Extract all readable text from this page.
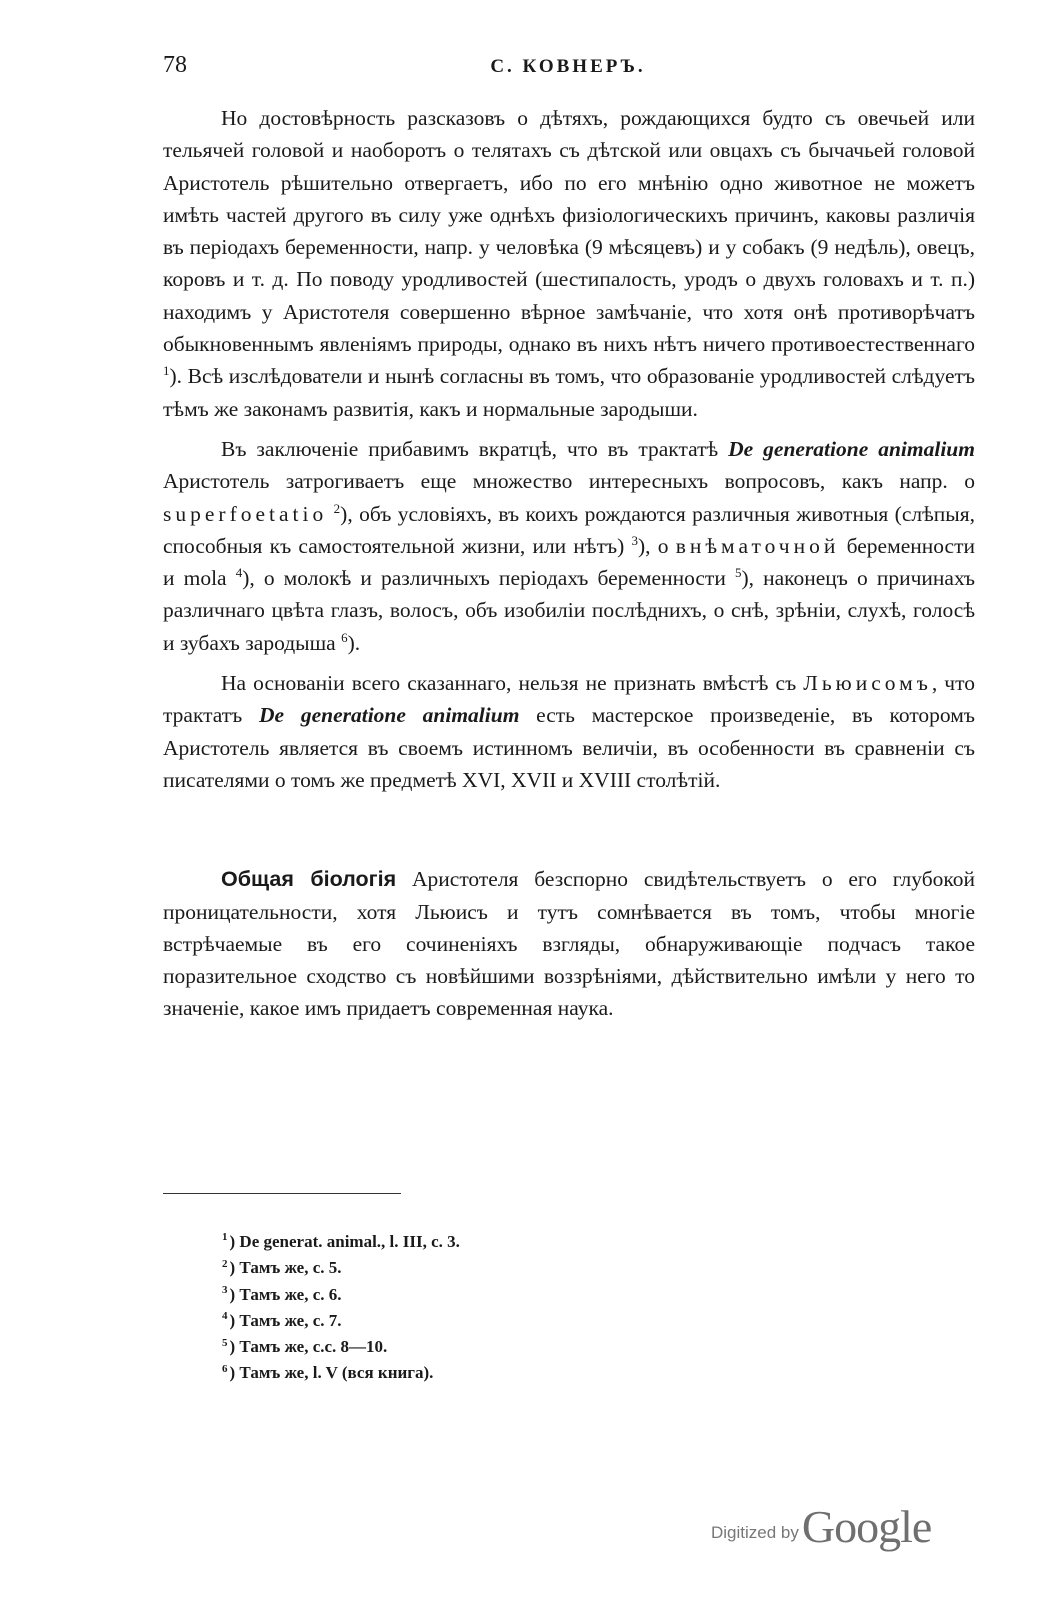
78	С. КОВНЕРЪ.

Но достовѣрность разсказовъ о дѣтяхъ, рождающихся будто съ овечьей или тельячей головой и наоборотъ о телятахъ съ дѣтской или овцахъ съ бычачьей головой Аристотель рѣшительно отвергаетъ, ибо по его мнѣнію одно животное не можетъ имѣть частей другого въ силу уже однѣхъ физіологическихъ причинъ, каковы различія въ періодахъ беременности, напр. у человѣка (9 мѣсяцевъ) и у собакъ (9 недѣль), овецъ, коровъ и т. д. По поводу уродливостей (шестипалость, уродъ о двухъ головахъ и т. п.) находимъ у Аристотеля совершенно вѣрное замѣчаніе, что хотя онѣ противорѣчатъ обыкновеннымъ явленіямъ природы, однако въ нихъ нѣтъ ничего противоестественнаго $^1$). Всѣ изслѣдователи и нынѣ согласны въ томъ, что образованіе уродливостей слѣдуетъ тѣмъ же законамъ развитія, какъ и нормальные зародыши.

Въ заключеніе прибавимъ вкратцѣ, что въ трактатѣ De generatione animalium Аристотель затрогиваетъ еще множество интересныхъ вопросовъ, какъ напр. о superfoetatio $^2$), объ условіяхъ, въ коихъ рождаются различныя животныя (слѣпыя, способныя къ самостоятельной жизни, или нѣтъ) $^3$), о внѣматочной беременности и mola $^4$), о молокѣ и различныхъ періодахъ беременности $^5$), наконецъ о причинахъ различнаго цвѣта глазъ, волосъ, объ изобиліи послѣднихъ, о снѣ, зрѣніи, слухѣ, голосѣ и зубахъ зародыша $^6$).

На основаніи всего сказаннаго, нельзя не признать вмѣстѣ съ Льюисомъ, что трактатъ De generatione animalium есть мастерское произведеніе, въ которомъ Аристотель является въ своемъ истинномъ величіи, въ особенности въ сравненіи съ писателями о томъ же предметѣ XVI, XVII и XVIII столѣтій.

Общая біологія Аристотеля безспорно свидѣтельствуетъ о его глубокой проницательности, хотя Льюисъ и тутъ сомнѣвается въ томъ, чтобы многіе встрѣчаемые въ его сочиненіяхъ взгляды, обнаруживающіе подчасъ такое поразительное сходство съ новѣйшими воззрѣніями, дѣйствительно имѣли у него то значеніе, какое имъ придаетъ современная наука.

$^1$ ) De generat. animal., l. III, c. 3.
$^2$ ) Тамъ же, с. 5.
$^3$ ) Тамъ же, с. 6.
$^4$ ) Тамъ же, с. 7.
$^5$ ) Тамъ же, с.с. 8—10.
$^6$ ) Тамъ же, l. V (вся книга).
Digitized by Google
